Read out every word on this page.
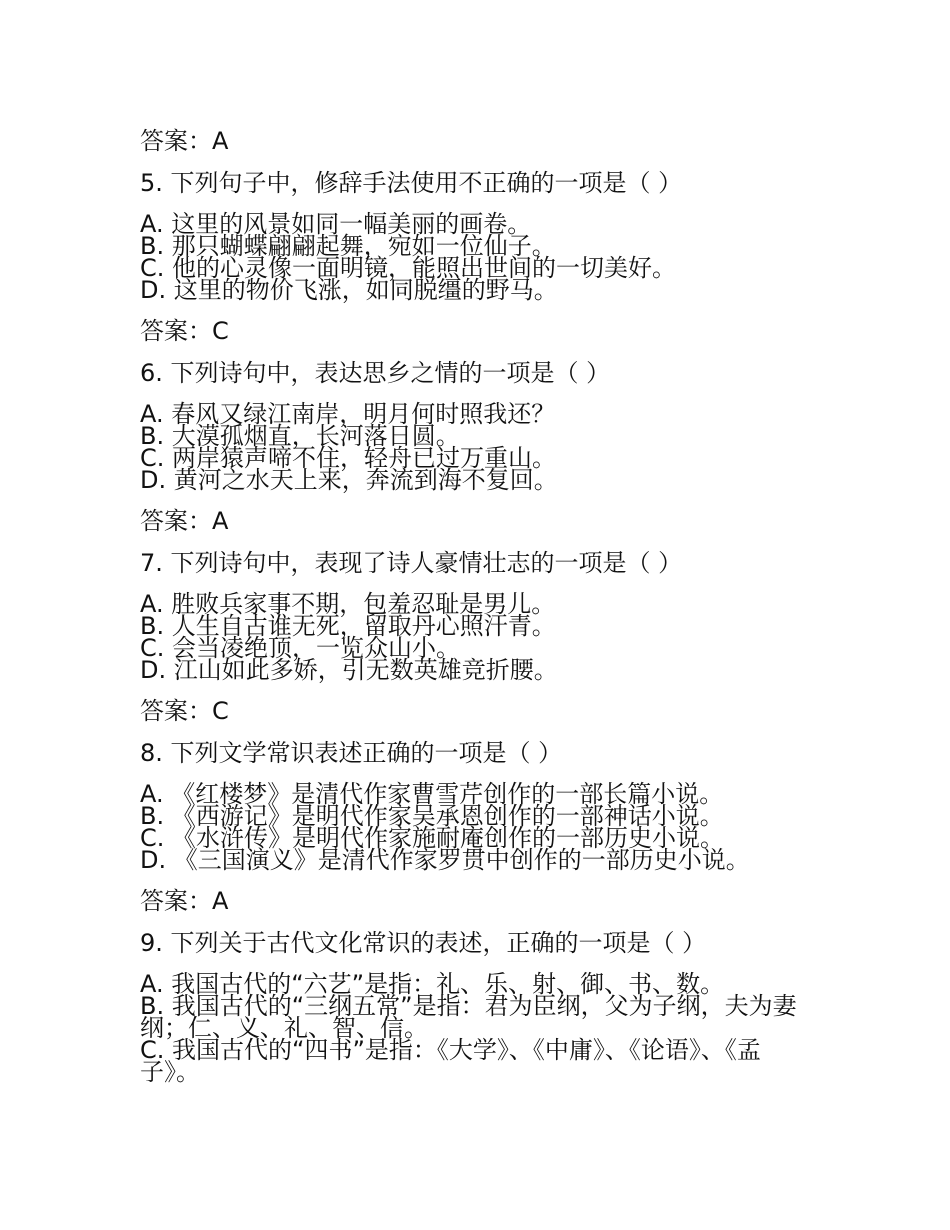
答案：A
5. 下列句子中，修辞手法使用不正确的一项是（ ）
A. 这里的风景如同一幅美丽的画卷。
B. 那只蝴蝶翩翩起舞，宛如一位仙子。
C. 他的心灵像一面明镜，能照出世间的一切美好。
D. 这里的物价飞涨，如同脱缰的野马。
答案：C
6. 下列诗句中，表达思乡之情的一项是（ ）
A. 春风又绿江南岸，明月何时照我还？
B. 大漠孤烟直，长河落日圆。
C. 两岸猿声啼不住，轻舟已过万重山。
D. 黄河之水天上来，奔流到海不复回。
答案：A
7. 下列诗句中，表现了诗人豪情壮志的一项是（ ）
A. 胜败兵家事不期，包羞忍耻是男儿。
B. 人生自古谁无死，留取丹心照汗青。
C. 会当凌绝顶，一览众山小。
D. 江山如此多娇，引无数英雄竞折腰。
答案：C
8. 下列文学常识表述正确的一项是（ ）
A. 《红楼梦》是清代作家曹雪芹创作的一部长篇小说。
B. 《西游记》是明代作家吴承恩创作的一部神话小说。
C. 《水浒传》是明代作家施耐庵创作的一部历史小说。
D. 《三国演义》是清代作家罗贯中创作的一部历史小说。
答案：A
9. 下列关于古代文化常识的表述，正确的一项是（ ）
A. 我国古代的“六艺”是指：礼、乐、射、御、书、数。
B. 我国古代的“三纲五常”是指：君为臣纲，父为子纲，夫为妻纲；仁、义、礼、智、信。
C. 我国古代的“四书”是指：《大学》、《中庸》、《论语》、《孟子》。
